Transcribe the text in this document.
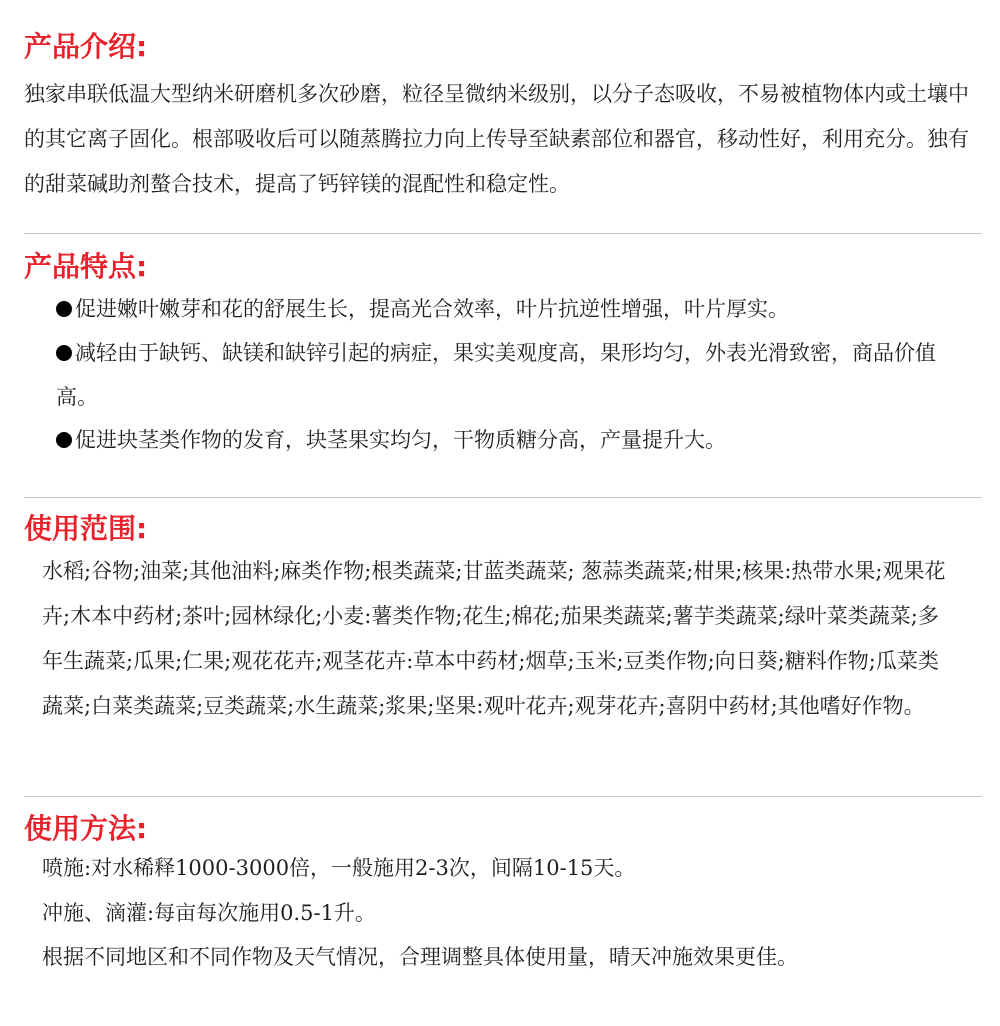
产品介绍:

独家串联低温大型纳米研磨机多次砂磨，粒径呈微纳米级别，以分子态吸收，不易被植物体内或土壤中的其它离子固化。根部吸收后可以随蒸腾拉力向上传导至缺素部位和器官，移动性好，利用充分。独有的甜菜碱助剂螯合技术，提高了钙锌镁的混配性和稳定性。

产品特点:

促进嫩叶嫩芽和花的舒展生长，提高光合效率，叶片抗逆性增强，叶片厚实。

减轻由于缺钙、缺镁和缺锌引起的病症，果实美观度高，果形均匀，外表光滑致密，商品价值高。

促进块茎类作物的发育，块茎果实均匀，干物质糖分高，产量提升大。

使用范围:

水稻;谷物;油菜;其他油料;麻类作物;根类蔬菜;甘蓝类蔬菜; 葱蒜类蔬菜;柑果;核果:热带水果;观果花卉;木本中药材;茶叶;园林绿化;小麦:薯类作物;花生;棉花;茄果类蔬菜;薯芋类蔬菜;绿叶菜类蔬菜;多年生蔬菜;瓜果;仁果;观花花卉;观茎花卉:草本中药材;烟草;玉米;豆类作物;向日葵;糖料作物;瓜菜类蔬菜;白菜类蔬菜;豆类蔬菜;水生蔬菜;浆果;坚果:观叶花卉;观芽花卉;喜阴中药材;其他嗜好作物。

使用方法:
喷施:对水稀释1000-3000倍，一般施用2-3次，间隔10-15天。
冲施、滴灌:每亩每次施用0.5-1升。
根据不同地区和不同作物及天气情况，合理调整具体使用量，晴天冲施效果更佳。
